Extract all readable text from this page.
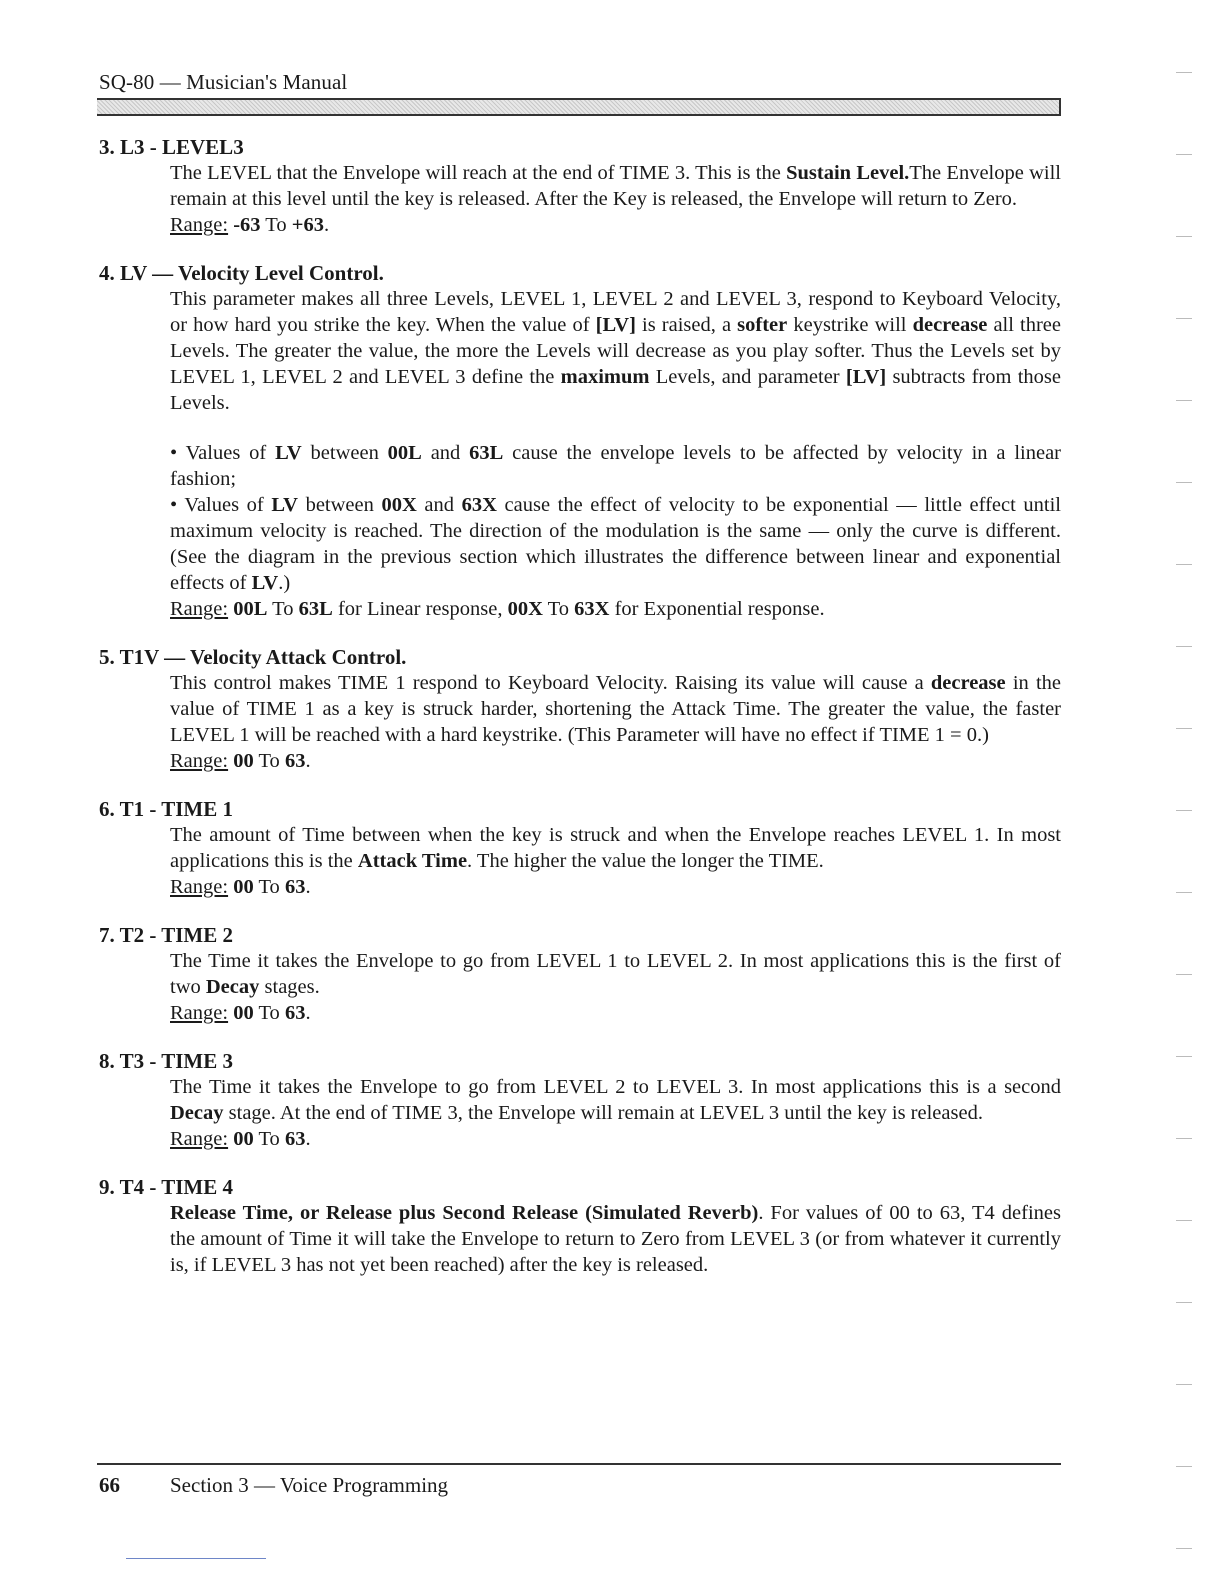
SQ-80 — Musician's Manual
3. L3 - LEVEL3

The LEVEL that the Envelope will reach at the end of TIME 3. This is the Sustain Level.The Envelope will remain at this level until the key is released. After the Key is released, the Envelope will return to Zero.

Range: -63 To +63.

4. LV — Velocity Level Control.

This parameter makes all three Levels, LEVEL 1, LEVEL 2 and LEVEL 3, respond to Keyboard Velocity, or how hard you strike the key. When the value of [LV] is raised, a softer keystrike will decrease all three Levels. The greater the value, the more the Levels will decrease as you play softer. Thus the Levels set by LEVEL 1, LEVEL 2 and LEVEL 3 define the maximum Levels, and parameter [LV] subtracts from those Levels.

• Values of LV between 00L and 63L cause the envelope levels to be affected by velocity in a linear fashion;

• Values of LV between 00X and 63X cause the effect of velocity to be exponential — little effect until maximum velocity is reached. The direction of the modulation is the same — only the curve is different. (See the diagram in the previous section which illustrates the difference between linear and exponential effects of LV.)

Range: 00L To 63L for Linear response, 00X To 63X for Exponential response.

5. T1V — Velocity Attack Control.

This control makes TIME 1 respond to Keyboard Velocity. Raising its value will cause a decrease in the value of TIME 1 as a key is struck harder, shortening the Attack Time. The greater the value, the faster LEVEL 1 will be reached with a hard keystrike. (This Parameter will have no effect if TIME 1 = 0.)

Range: 00 To 63.

6. T1 - TIME 1

The amount of Time between when the key is struck and when the Envelope reaches LEVEL 1. In most applications this is the Attack Time. The higher the value the longer the TIME.

Range: 00 To 63.

7. T2 - TIME 2

The Time it takes the Envelope to go from LEVEL 1 to LEVEL 2. In most applications this is the first of two Decay stages.

Range: 00 To 63.

8. T3 - TIME 3

The Time it takes the Envelope to go from LEVEL 2 to LEVEL 3. In most applications this is a second Decay stage. At the end of TIME 3, the Envelope will remain at LEVEL 3 until the key is released.

Range: 00 To 63.

9. T4 - TIME 4

Release Time, or Release plus Second Release (Simulated Reverb). For values of 00 to 63, T4 defines the amount of Time it will take the Envelope to return to Zero from LEVEL 3 (or from whatever it currently is, if LEVEL 3 has not yet been reached) after the key is released.

66 Section 3 — Voice Programming
